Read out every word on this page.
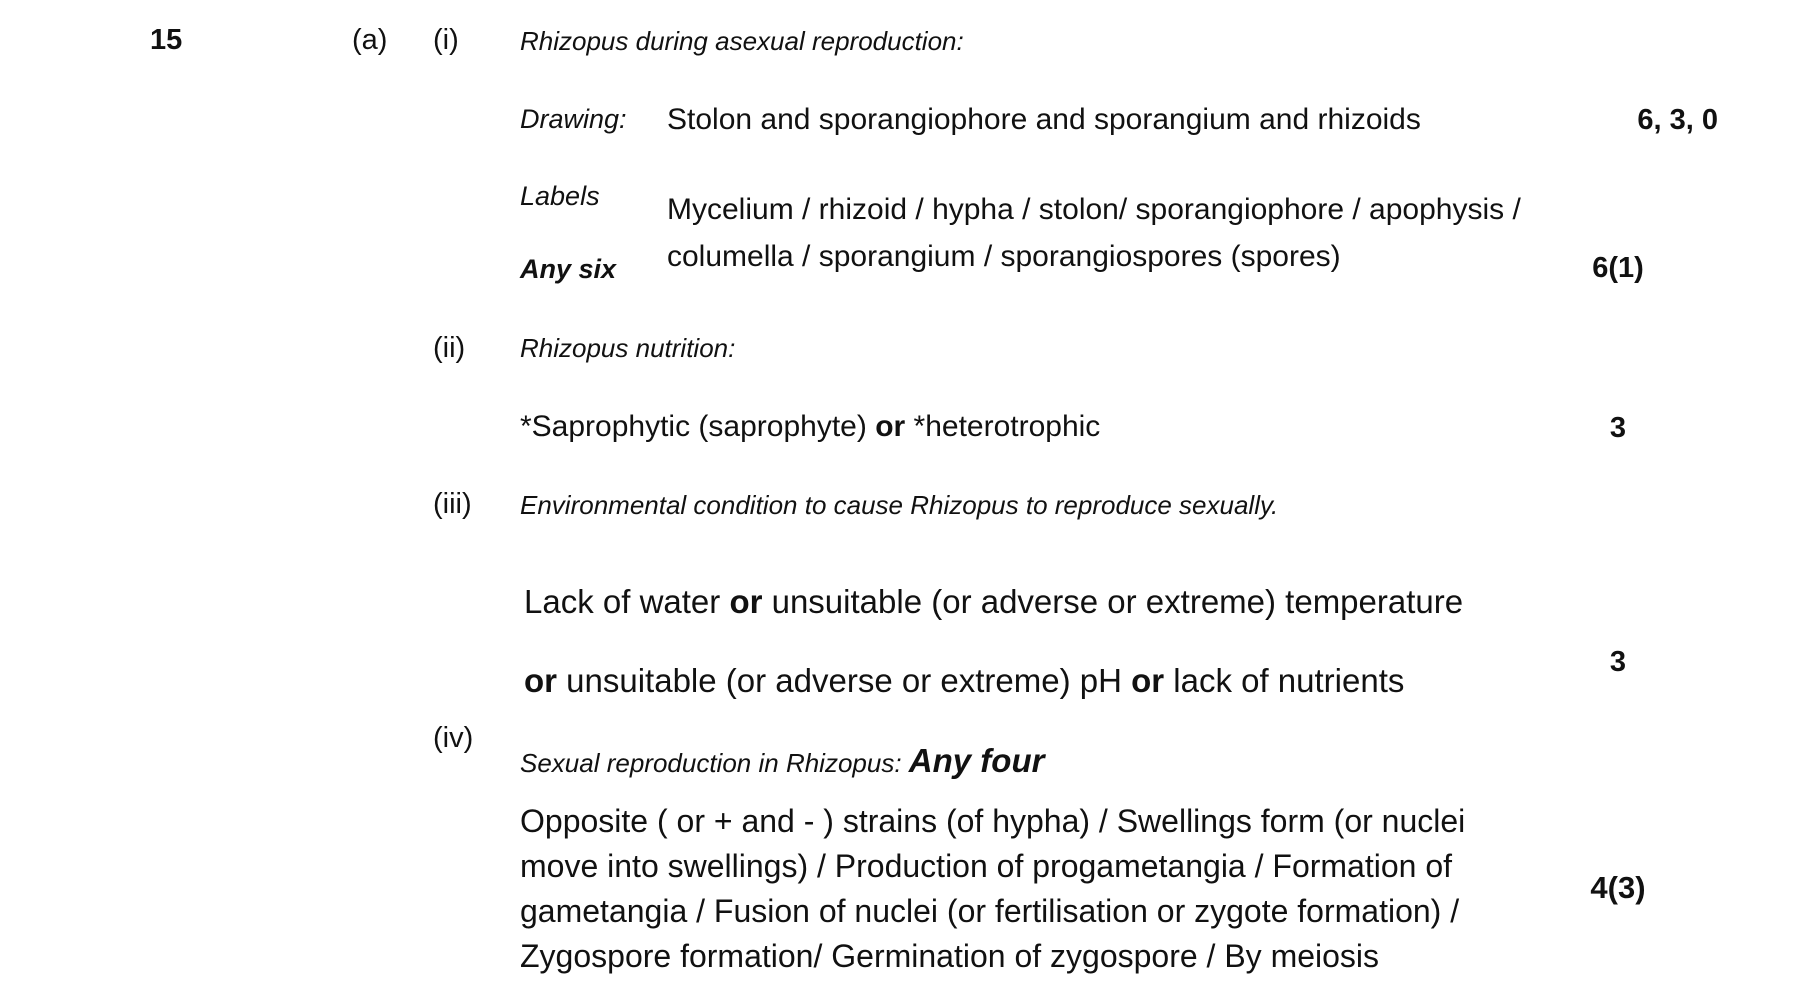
15	(a) (i) Rhizopus during asexual reproduction:
Drawing: Stolon and sporangiophore and sporangium and rhizoids	6, 3, 0
Labels Mycelium / rhizoid / hypha / stolon/ sporangiophore / apophysis /
columella / sporangium / sporangiospores (spores)
Any six	6(1)
(ii) Rhizopus nutrition:
*Saprophytic (saprophyte) or *heterotrophic	3
(iii) Environmental condition to cause Rhizopus to reproduce sexually.
Lack of water or unsuitable (or adverse or extreme) temperature
or unsuitable (or adverse or extreme) pH or lack of nutrients	3
(iv)
Sexual reproduction in Rhizopus: Any four
Opposite ( or + and - ) strains (of hypha) / Swellings form (or nuclei
move into swellings) / Production of progametangia / Formation of
gametangia / Fusion of nuclei (or fertilisation or zygote formation) /
Zygospore formation/ Germination of zygospore / By meiosis
4(3)
